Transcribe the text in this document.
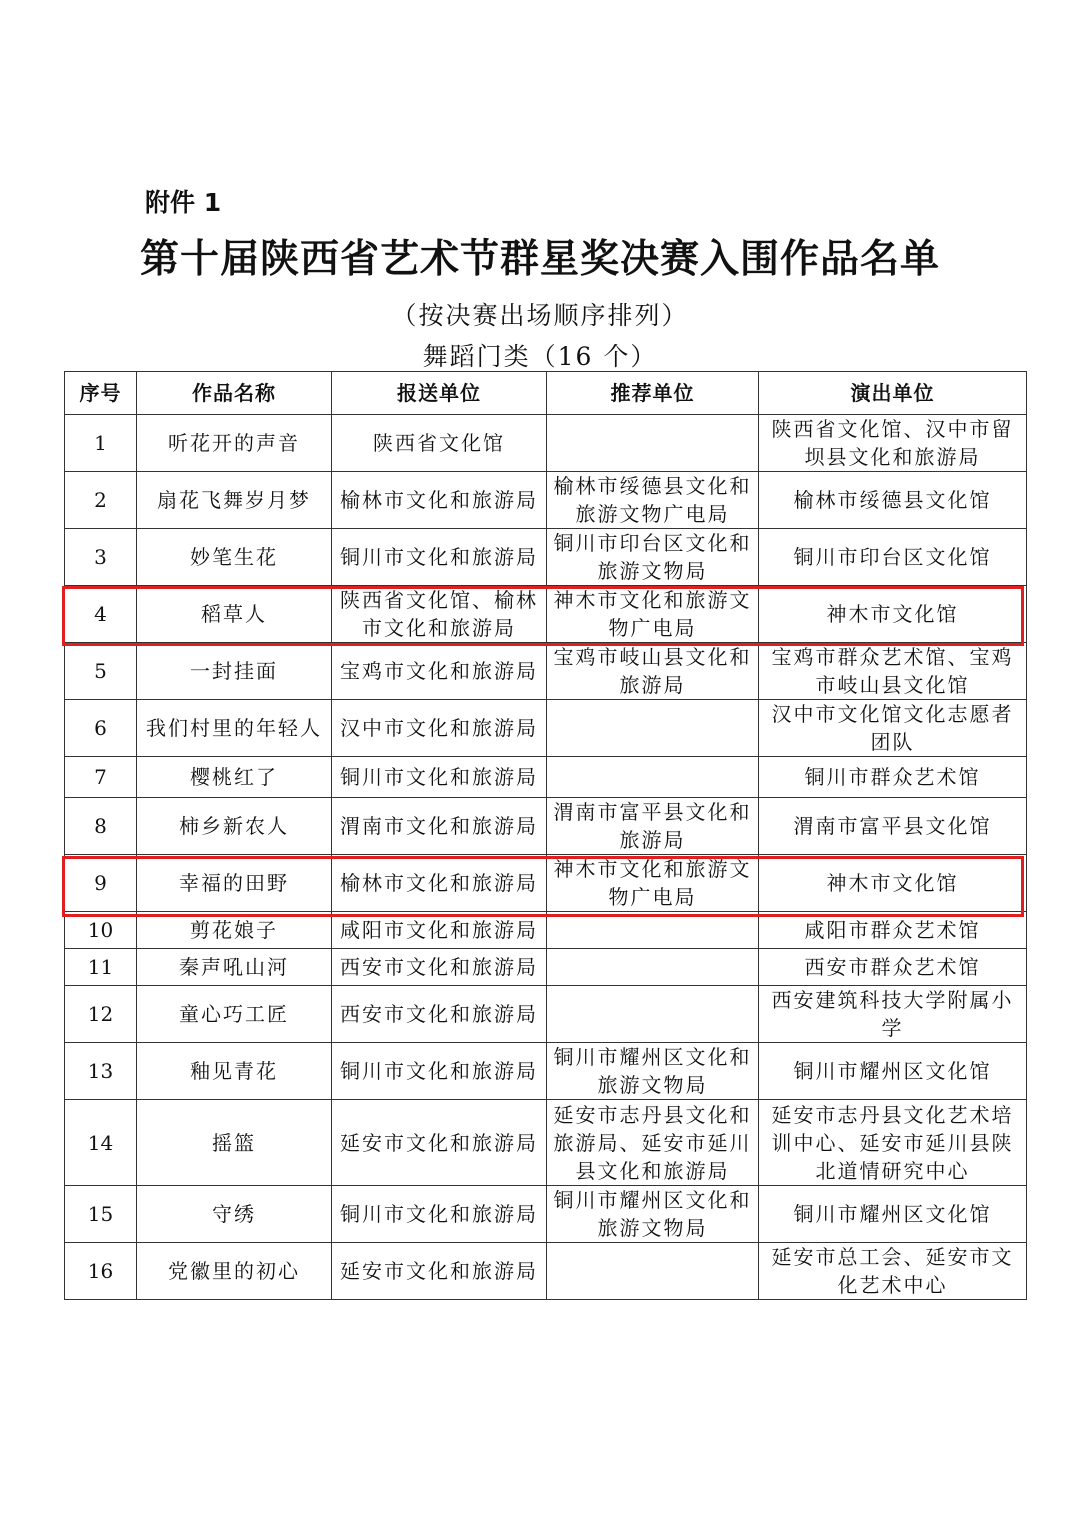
附件 1
第十届陕西省艺术节群星奖决赛入围作品名单
（按决赛出场顺序排列）
舞蹈门类（16 个）
序号	作品名称	报送单位	推荐单位	演出单位
1	听花开的声音	陕西省文化馆		陕西省文化馆、汉中市留坝县文化和旅游局
2	扇花飞舞岁月梦	榆林市文化和旅游局	榆林市绥德县文化和旅游文物广电局	榆林市绥德县文化馆
3	妙笔生花	铜川市文化和旅游局	铜川市印台区文化和旅游文物局	铜川市印台区文化馆
4	稻草人	陕西省文化馆、榆林市文化和旅游局	神木市文化和旅游文物广电局	神木市文化馆
5	一封挂面	宝鸡市文化和旅游局	宝鸡市岐山县文化和旅游局	宝鸡市群众艺术馆、宝鸡市岐山县文化馆
6	我们村里的年轻人	汉中市文化和旅游局		汉中市文化馆文化志愿者团队
7	樱桃红了	铜川市文化和旅游局		铜川市群众艺术馆
8	柿乡新农人	渭南市文化和旅游局	渭南市富平县文化和旅游局	渭南市富平县文化馆
9	幸福的田野	榆林市文化和旅游局	神木市文化和旅游文物广电局	神木市文化馆
10	剪花娘子	咸阳市文化和旅游局		咸阳市群众艺术馆
11	秦声吼山河	西安市文化和旅游局		西安市群众艺术馆
12	童心巧工匠	西安市文化和旅游局		西安建筑科技大学附属小学
13	釉见青花	铜川市文化和旅游局	铜川市耀州区文化和旅游文物局	铜川市耀州区文化馆
14	摇篮	延安市文化和旅游局	延安市志丹县文化和旅游局、延安市延川县文化和旅游局	延安市志丹县文化艺术培训中心、延安市延川县陕北道情研究中心
15	守绣	铜川市文化和旅游局	铜川市耀州区文化和旅游文物局	铜川市耀州区文化馆
16	党徽里的初心	延安市文化和旅游局		延安市总工会、延安市文化艺术中心
